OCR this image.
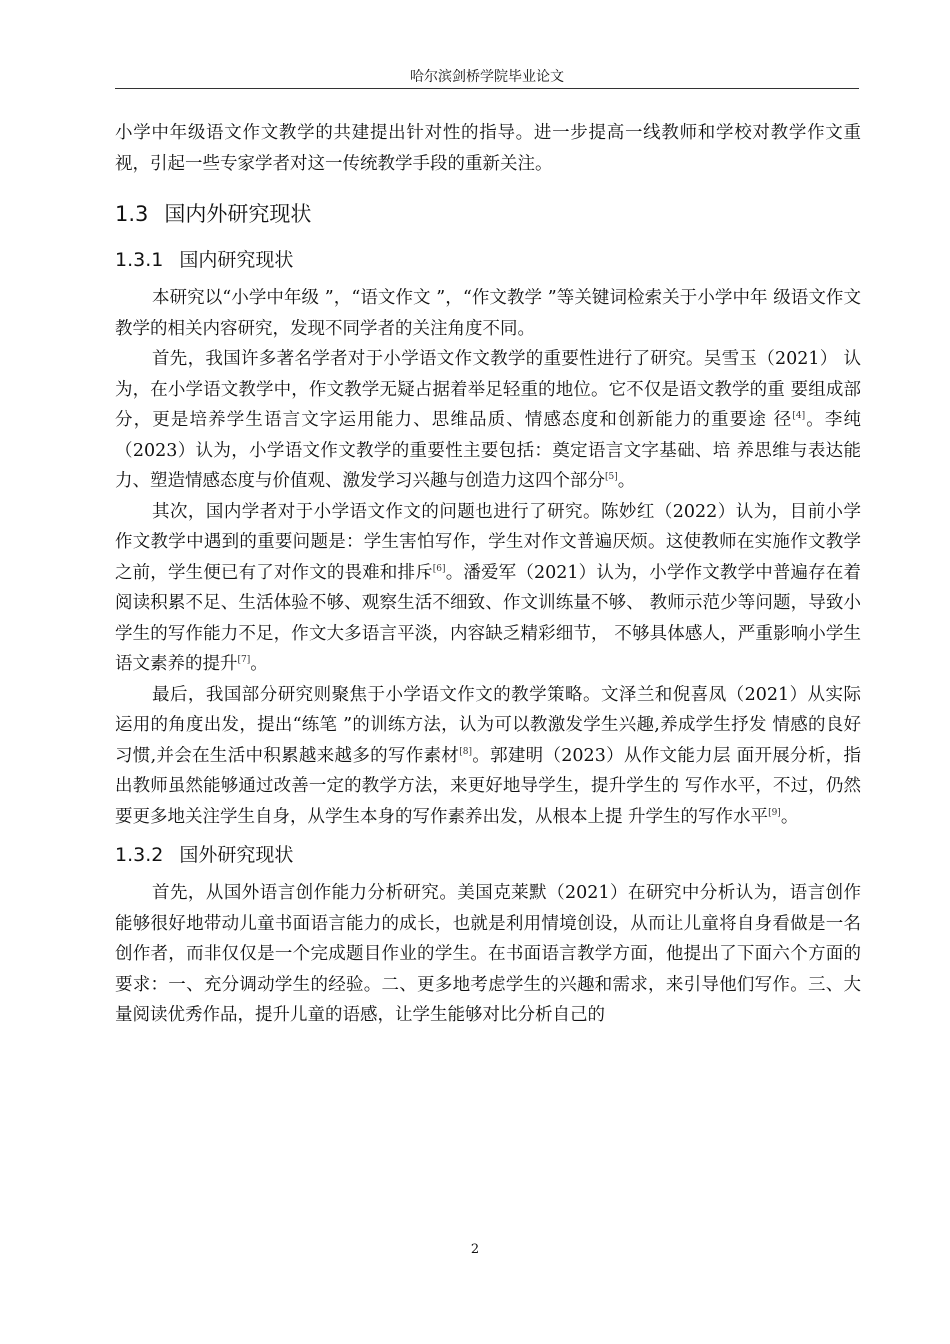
哈尔滨剑桥学院毕业论文

小学中年级语文作文教学的共建提出针对性的指导。进一步提高一线教师和学校对教学作文重视，引起一些专家学者对这一传统教学手段的重新关注。

1.3 国内外研究现状
1.3.1 国内研究现状

本研究以“小学中年级 ”，“语文作文 ”，“作文教学 ”等关键词检索关于小学中年 级语文作文教学的相关内容研究，发现不同学者的关注角度不同。

首先，我国许多著名学者对于小学语文作文教学的重要性进行了研究。吴雪玉（2021） 认为，在小学语文教学中，作文教学无疑占据着举足轻重的地位。它不仅是语文教学的重 要组成部分，更是培养学生语言文字运用能力、思维品质、情感态度和创新能力的重要途 径[4]。李纯（2023）认为，小学语文作文教学的重要性主要包括：奠定语言文字基础、培 养思维与表达能力、塑造情感态度与价值观、激发学习兴趣与创造力这四个部分[5]。

其次，国内学者对于小学语文作文的问题也进行了研究。陈妙红（2022）认为，目前小学作文教学中遇到的重要问题是：学生害怕写作，学生对作文普遍厌烦。这使教师在实施作文教学之前，学生便已有了对作文的畏难和排斥[6]。潘爱军（2021）认为，小学作文教学中普遍存在着阅读积累不足、生活体验不够、观察生活不细致、作文训练量不够、 教师示范少等问题，导致小学生的写作能力不足，作文大多语言平淡，内容缺乏精彩细节， 不够具体感人，严重影响小学生语文素养的提升[7]。

最后，我国部分研究则聚焦于小学语文作文的教学策略。文泽兰和倪喜凤（2021）从实际运用的角度出发，提出“练笔 ”的训练方法，认为可以教激发学生兴趣,养成学生抒发 情感的良好习惯,并会在生活中积累越来越多的写作素材[8]。郭建明（2023）从作文能力层 面开展分析，指出教师虽然能够通过改善一定的教学方法，来更好地导学生，提升学生的 写作水平，不过，仍然要更多地关注学生自身，从学生本身的写作素养出发，从根本上提 升学生的写作水平[9]。

1.3.2 国外研究现状

首先，从国外语言创作能力分析研究。美国克莱默（2021）在研究中分析认为，语言创作能够很好地带动儿童书面语言能力的成长，也就是利用情境创设，从而让儿童将自身看做是一名创作者，而非仅仅是一个完成题目作业的学生。在书面语言教学方面，他提出了下面六个方面的要求：一、充分调动学生的经验。二、更多地考虑学生的兴趣和需求，来引导他们写作。三、大量阅读优秀作品，提升儿童的语感，让学生能够对比分析自己的

2
